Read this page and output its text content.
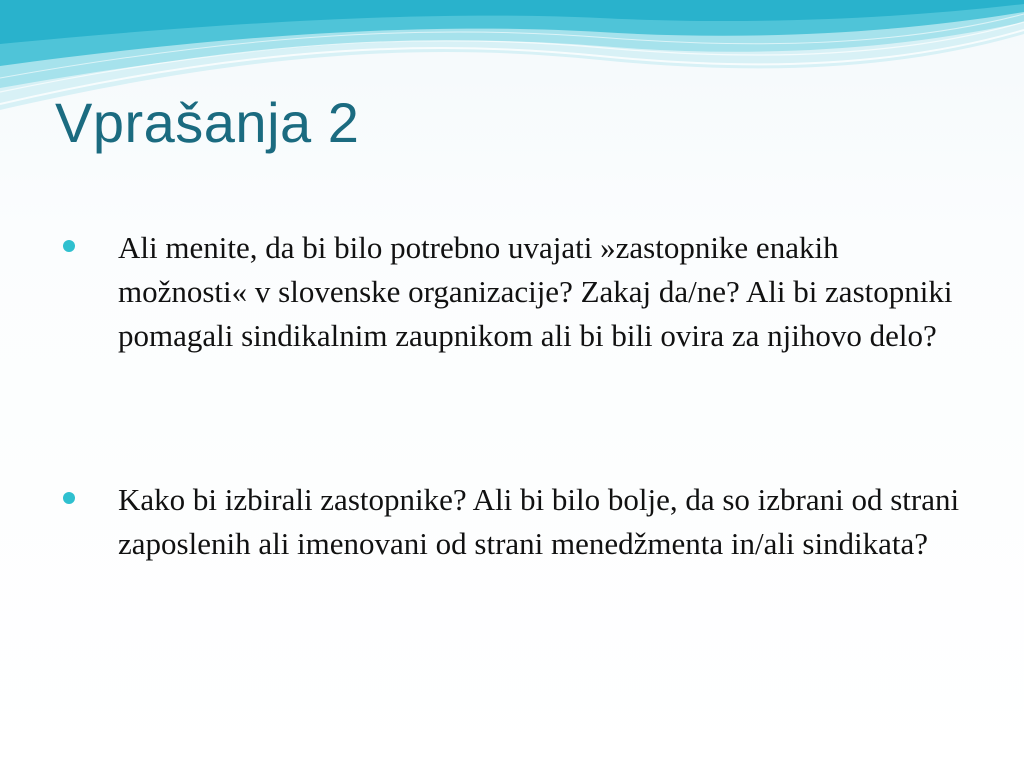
Vprašanja 2
Ali menite, da bi bilo potrebno uvajati »zastopnike enakih možnosti« v slovenske organizacije? Zakaj da/ne? Ali bi zastopniki pomagali sindikalnim zaupnikom ali bi bili ovira za njihovo delo?
Kako bi izbirali zastopnike? Ali bi bilo bolje, da so izbrani od strani zaposlenih ali imenovani od strani menedžmenta in/ali sindikata?
